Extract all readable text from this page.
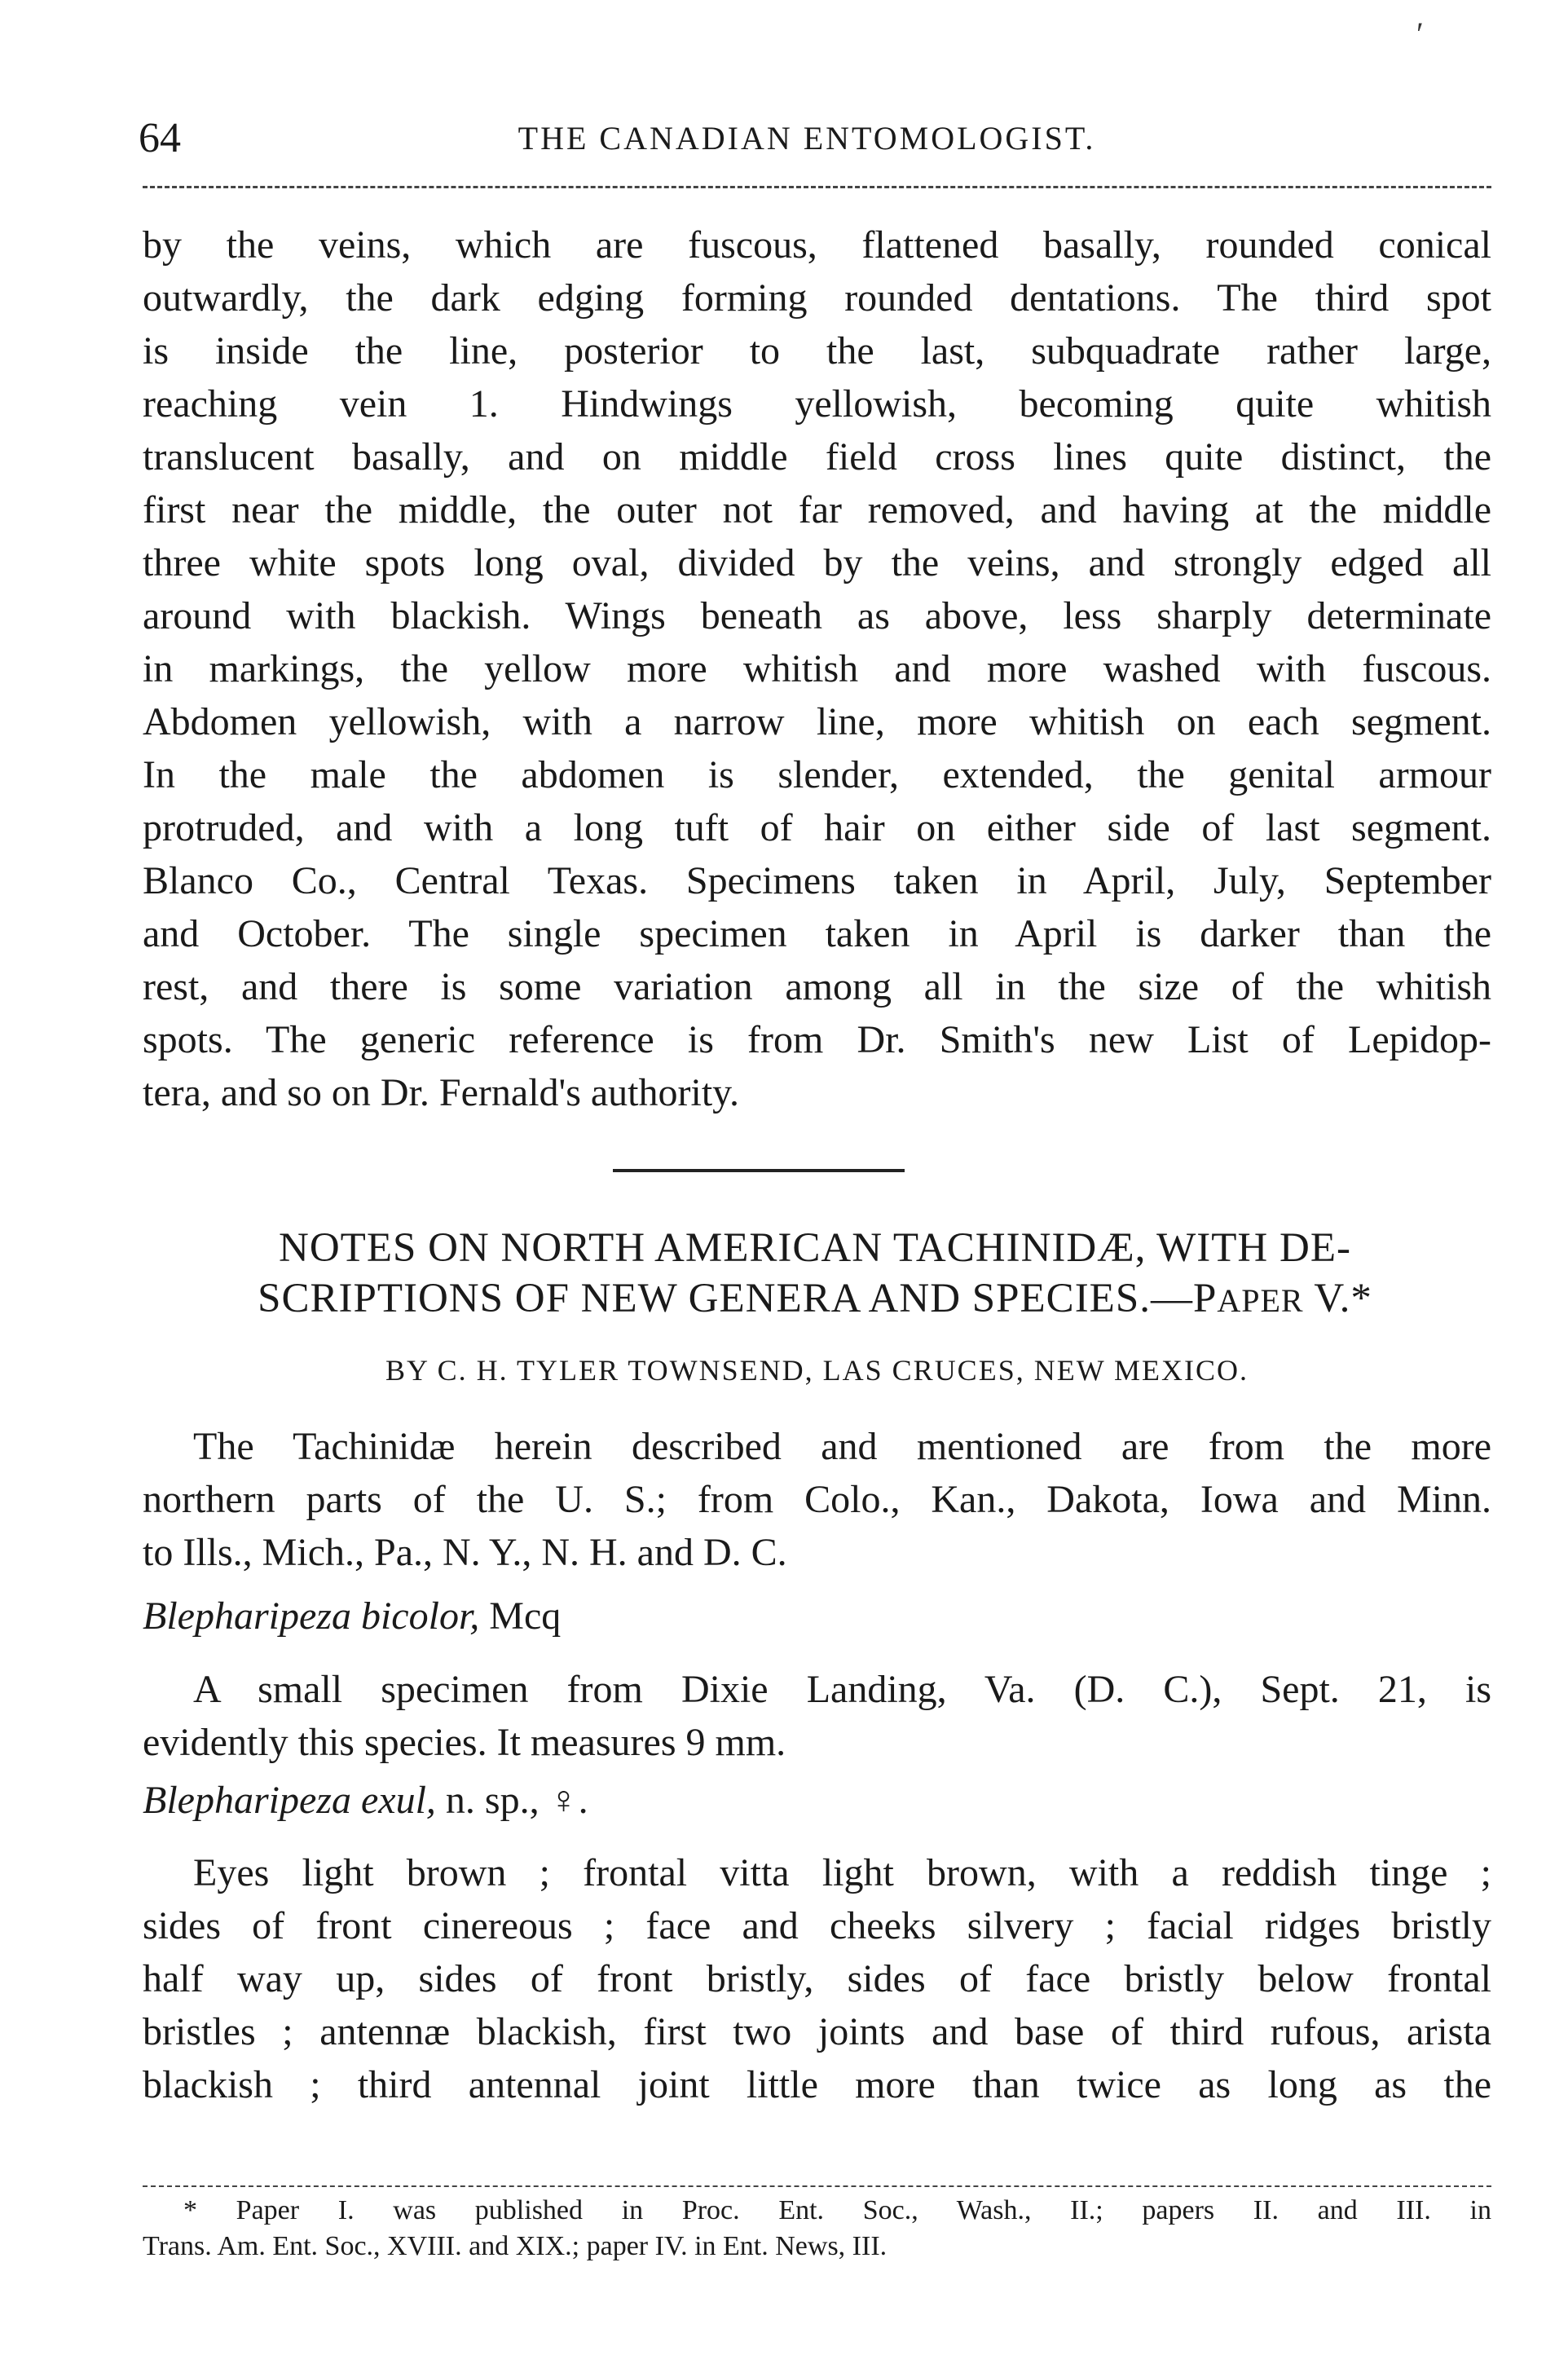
′
64	THE CANADIAN ENTOMOLOGIST.

by the veins, which are fuscous, flattened basally, rounded conical
outwardly, the dark edging forming rounded dentations. The third spot
is inside the line, posterior to the last, subquadrate rather large,
reaching vein 1. Hindwings yellowish, becoming quite whitish
translucent basally, and on middle field cross lines quite distinct, the
first near the middle, the outer not far removed, and having at the middle
three white spots long oval, divided by the veins, and strongly edged all
around with blackish. Wings beneath as above, less sharply determinate
in markings, the yellow more whitish and more washed with fuscous.
Abdomen yellowish, with a narrow line, more whitish on each segment.
In the male the abdomen is slender, extended, the genital armour
protruded, and with a long tuft of hair on either side of last segment.
Blanco Co., Central Texas. Specimens taken in April, July, September
and October. The single specimen taken in April is darker than the
rest, and there is some variation among all in the size of the whitish
spots. The generic reference is from Dr. Smith's new List of Lepidop-
tera, and so on Dr. Fernald's authority.

NOTES ON NORTH AMERICAN TACHINIDÆ, WITH DE-
SCRIPTIONS OF NEW GENERA AND SPECIES.—PAPER V.*
BY C. H. TYLER TOWNSEND, LAS CRUCES, NEW MEXICO.

The Tachinidæ herein described and mentioned are from the more
northern parts of the U. S.; from Colo., Kan., Dakota, Iowa and Minn.
to Ills., Mich., Pa., N. Y., N. H. and D. C.

Blepharipeza bicolor, Mcq

A small specimen from Dixie Landing, Va. (D. C.), Sept. 21, is
evidently this species. It measures 9 mm.

Blepharipeza exul, n. sp., ♀.

Eyes light brown ; frontal vitta light brown, with a reddish tinge ;
sides of front cinereous ; face and cheeks silvery ; facial ridges bristly
half way up, sides of front bristly, sides of face bristly below frontal
bristles ; antennæ blackish, first two joints and base of third rufous, arista
blackish ; third antennal joint little more than twice as long as the

* Paper I. was published in Proc. Ent. Soc., Wash., II.; papers II. and III. in
Trans. Am. Ent. Soc., XVIII. and XIX.; paper IV. in Ent. News, III.
